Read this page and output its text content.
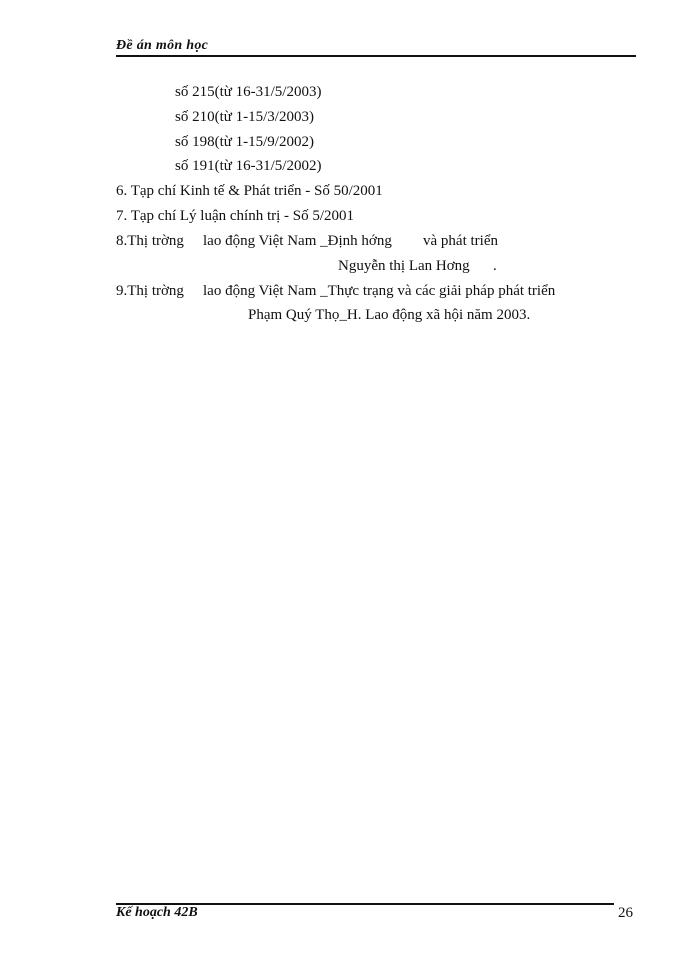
Đề án môn học
số 215(từ 16-31/5/2003)
số 210(từ 1-15/3/2003)
số 198(từ 1-15/9/2002)
số 191(từ 16-31/5/2002)
6. Tạp chí Kinh tế & Phát triển - Số 50/2001
7. Tạp chí Lý luận chính trị - Số 5/2001
8.Thị trờng lao động Việt Nam _Định hớng và phát triển
Nguyễn thị Lan Hơng .
9.Thị trờng lao động Việt Nam _Thực trạng và các giải pháp phát triển
Phạm Quý Thọ_H. Lao động xã hội năm 2003.
Kế hoạch 42B	26
